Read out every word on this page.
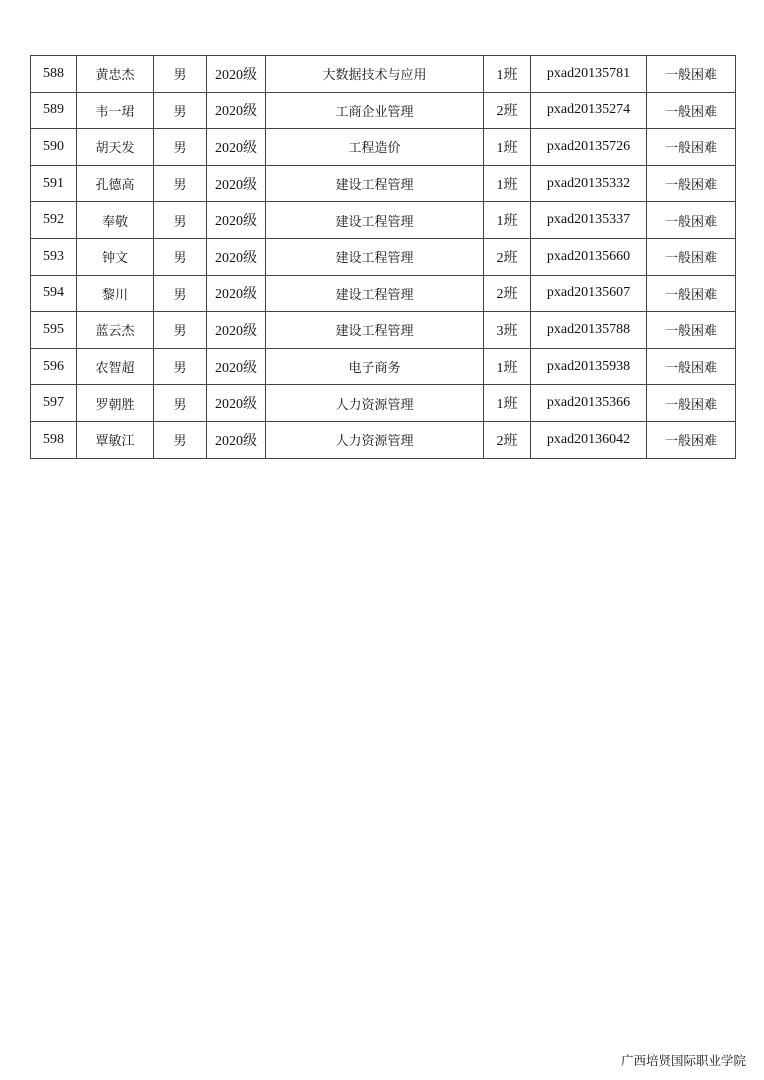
588	黄忠杰	男	2020级	大数据技术与应用	1班	pxad20135781	一般困难
589	韦一珺	男	2020级	工商企业管理	2班	pxad20135274	一般困难
590	胡天发	男	2020级	工程造价	1班	pxad20135726	一般困难
591	孔德高	男	2020级	建设工程管理	1班	pxad20135332	一般困难
592	奉敬	男	2020级	建设工程管理	1班	pxad20135337	一般困难
593	钟文	男	2020级	建设工程管理	2班	pxad20135660	一般困难
594	黎川	男	2020级	建设工程管理	2班	pxad20135607	一般困难
595	蓝云杰	男	2020级	建设工程管理	3班	pxad20135788	一般困难
596	农智超	男	2020级	电子商务	1班	pxad20135938	一般困难
597	罗朝胜	男	2020级	人力资源管理	1班	pxad20135366	一般困难
598	覃敏江	男	2020级	人力资源管理	2班	pxad20136042	一般困难
广西培贤国际职业学院
